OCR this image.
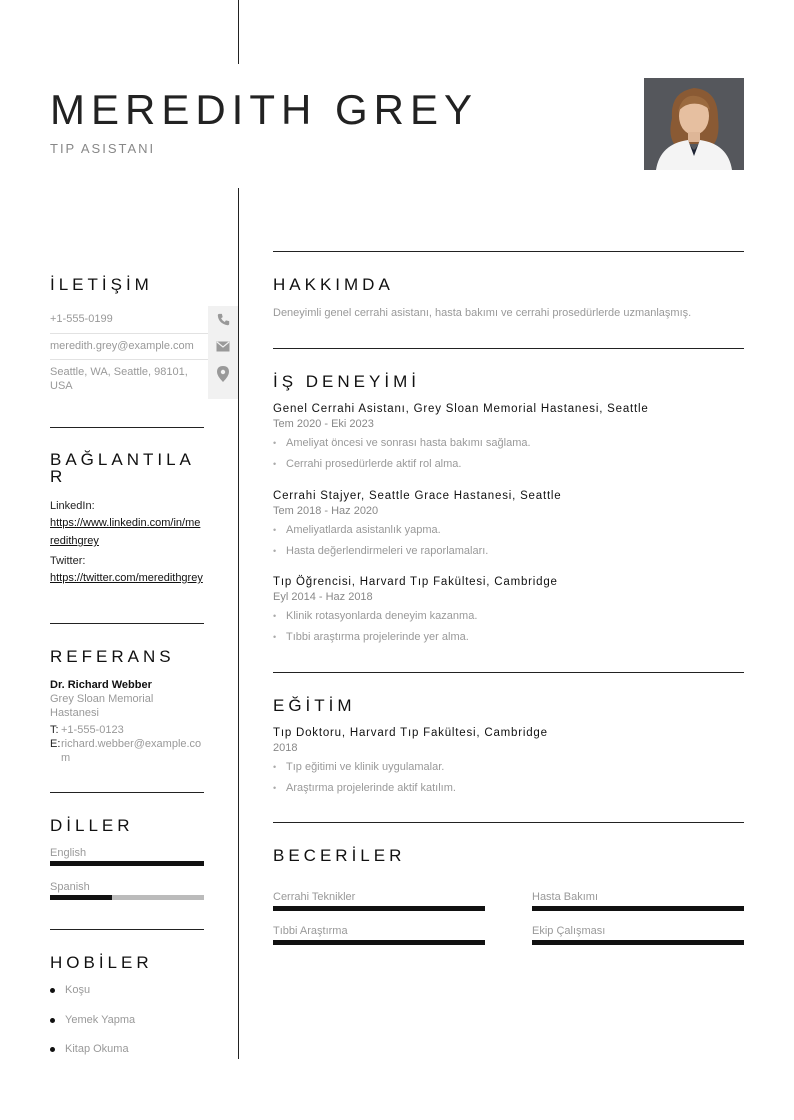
MEREDITH GREY
TIP ASISTANI
İLETİŞİM
+1-555-0199
meredith.grey@example.com
Seattle, WA, Seattle, 98101, USA
BAĞLANTILA
R
LinkedIn:
https://www.linkedin.com/in/meredithgrey
Twitter:
https://twitter.com/meredithgrey
REFERANS
Dr. Richard Webber
Grey Sloan Memorial Hastanesi
T: +1-555-0123
E: richard.webber@example.com
DİLLER
English
Spanish
HOBİLER
Koşu
Yemek Yapma
Kitap Okuma
HAKKIMDA
Deneyimli genel cerrahi asistanı, hasta bakımı ve cerrahi prosedürlerde uzmanlaşmış.
İŞ DENEYİMİ
Genel Cerrahi Asistanı, Grey Sloan Memorial Hastanesi, Seattle
Tem 2020 - Eki 2023
• Ameliyat öncesi ve sonrası hasta bakımı sağlama.
• Cerrahi prosedürlerde aktif rol alma.
Cerrahi Stajyer, Seattle Grace Hastanesi, Seattle
Tem 2018 - Haz 2020
• Ameliyatlarda asistanlık yapma.
• Hasta değerlendirmeleri ve raporlamaları.
Tıp Öğrencisi, Harvard Tıp Fakültesi, Cambridge
Eyl 2014 - Haz 2018
• Klinik rotasyonlarda deneyim kazanma.
• Tıbbi araştırma projelerinde yer alma.
EĞİTİM
Tıp Doktoru, Harvard Tıp Fakültesi, Cambridge
2018
• Tıp eğitimi ve klinik uygulamalar.
• Araştırma projelerinde aktif katılım.
BECERİLER
Cerrahi Teknikler	Hasta Bakımı
Tıbbi Araştırma	Ekip Çalışması
